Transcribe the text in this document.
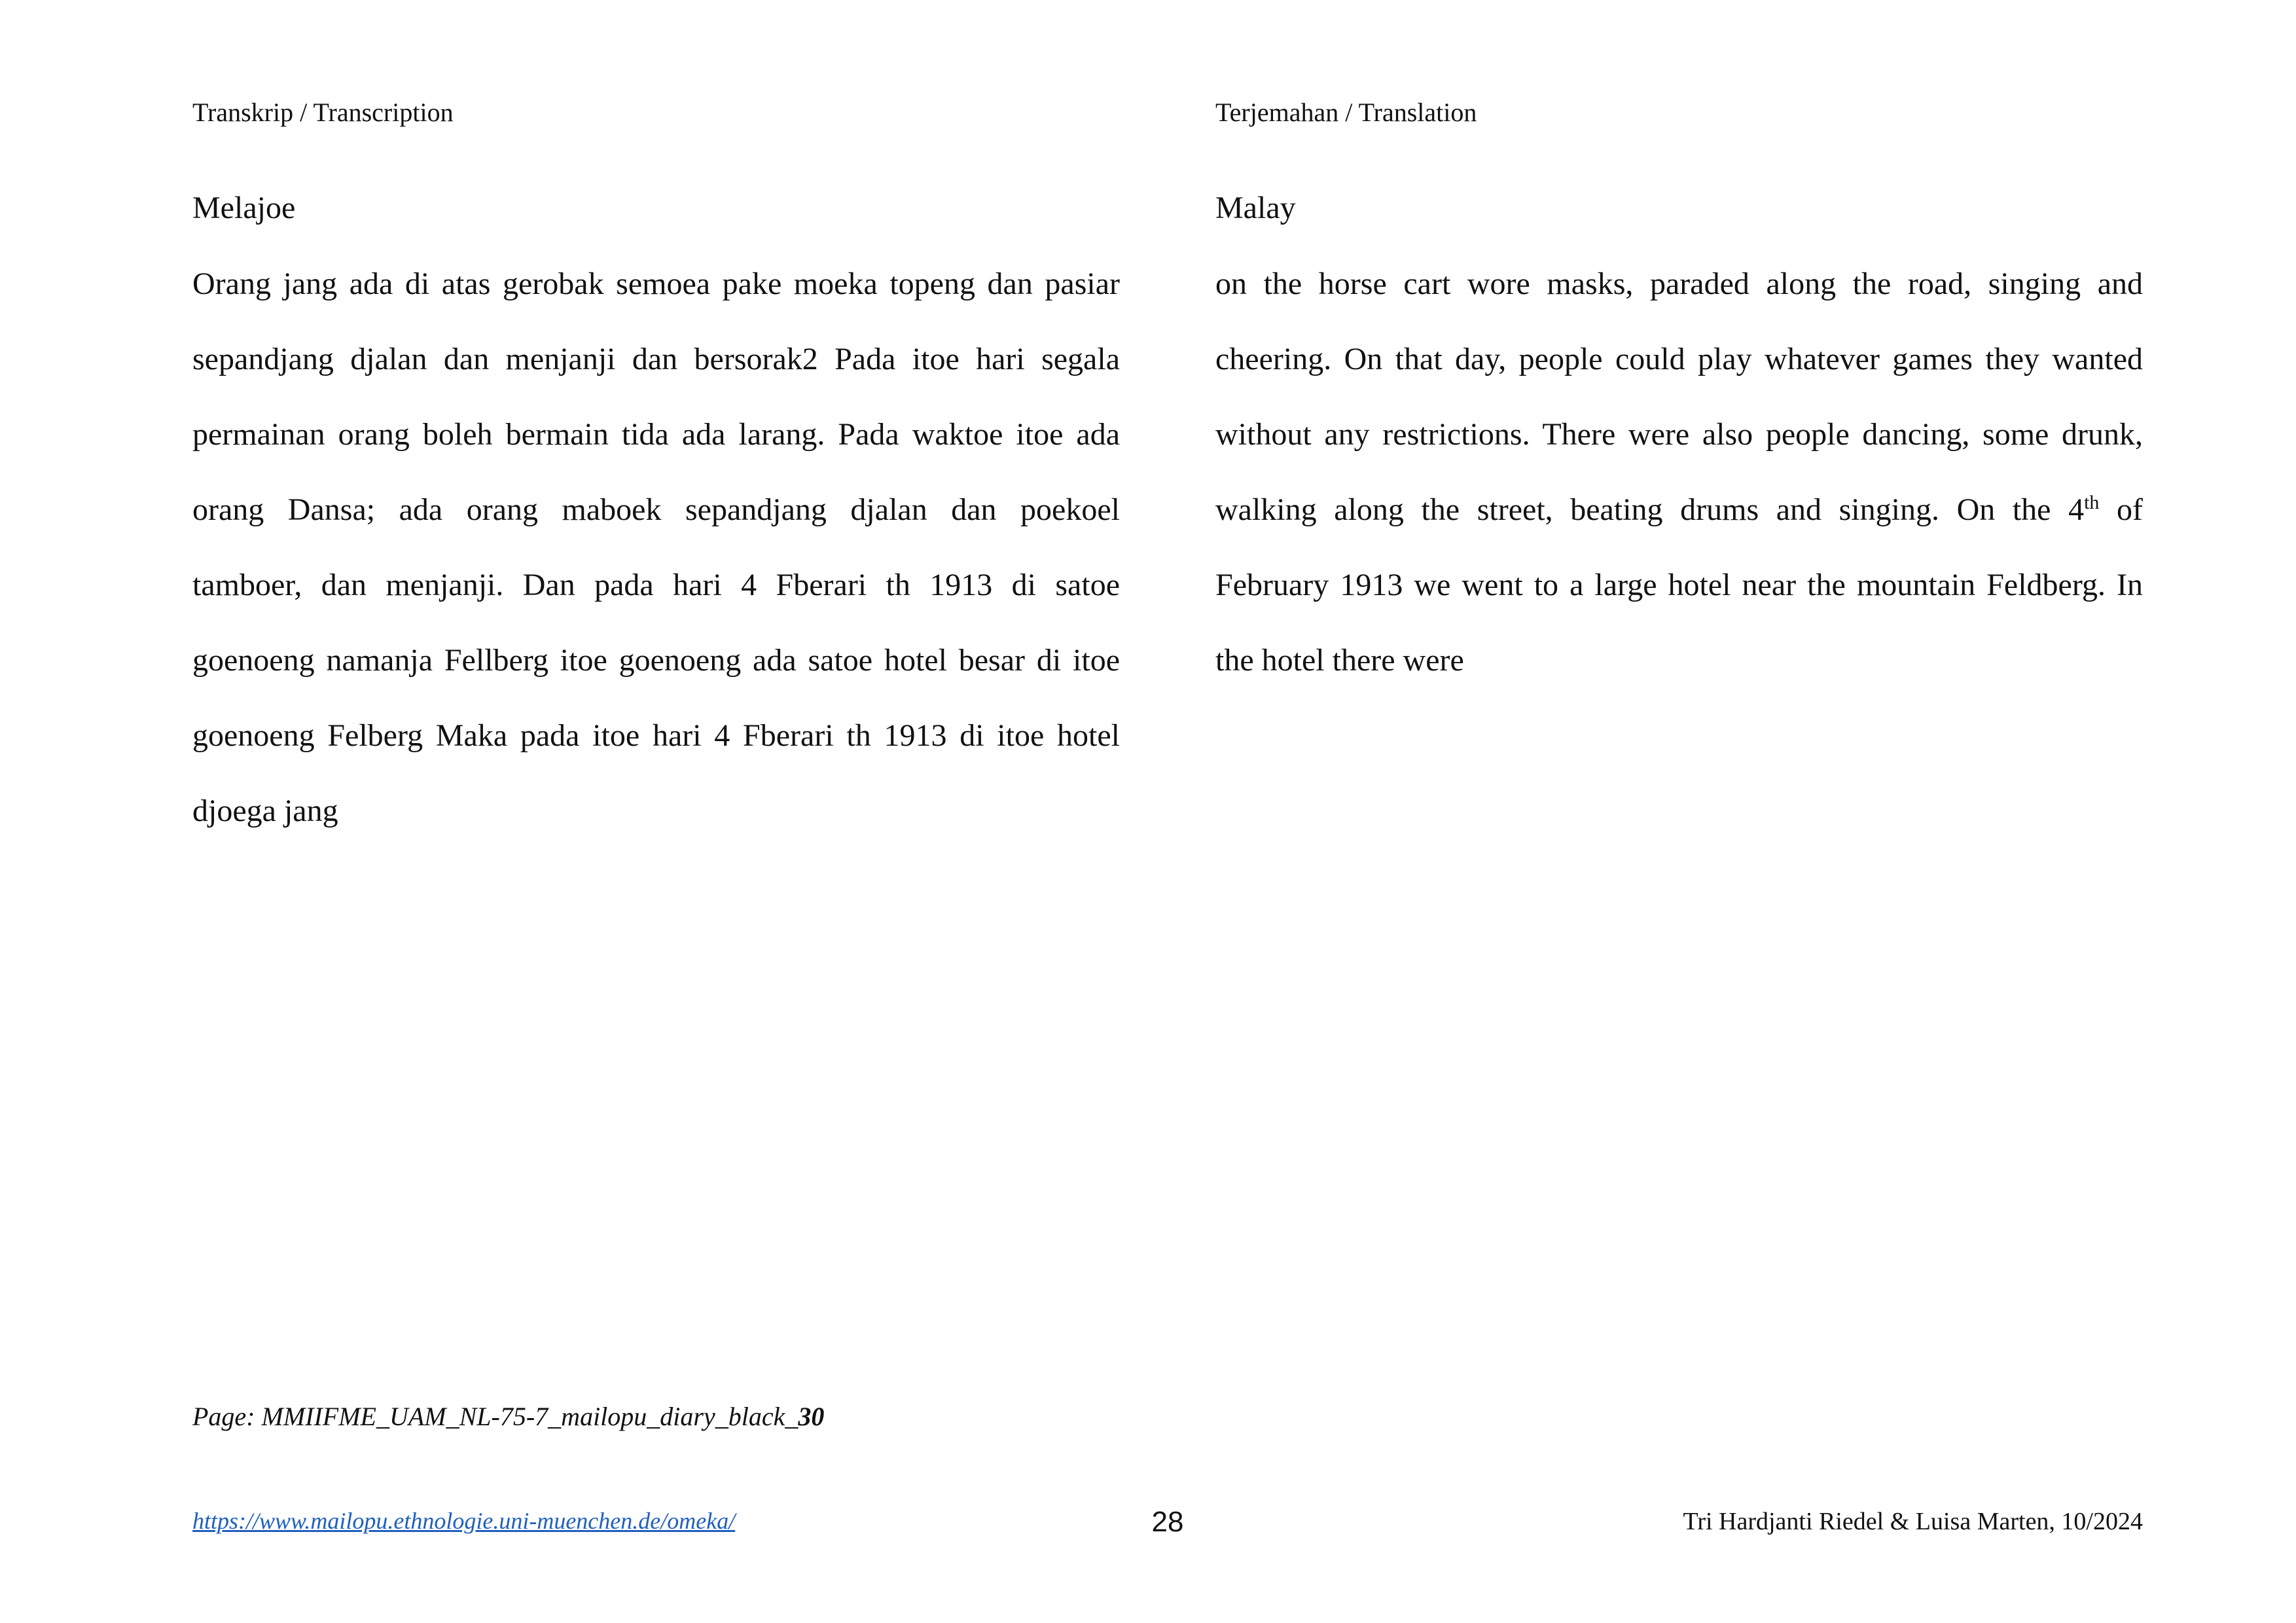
Transkrip / Transcription	Terjemahan / Translation
Melajoe
Orang jang ada di atas gerobak semoea pake moeka topeng dan pasiar
sepandjang djalan dan menjanji dan bersorak2 Pada itoe hari segala
permainan orang boleh bermain tida ada larang. Pada waktoe itoe ada
orang Dansa; ada orang maboek sepandjang djalan dan poekoel
tamboer, dan menjanji. Dan pada hari 4 Fberari th 1913 di satoe
goenoeng namanja Fellberg itoe goenoeng ada satoe hotel besar di itoe
goenoeng Felberg Maka pada itoe hari 4 Fberari th 1913 di itoe hotel
djoega jang
Malay
on the horse cart wore masks, paraded along the road, singing and
cheering. On that day, people could play whatever games they wanted
without any restrictions. There were also people dancing, some drunk,
walking along the street, beating drums and singing. On the 4th of
February 1913 we went to a large hotel near the mountain Feldberg. In
the hotel there were
Page: MMIIFME_UAM_NL-75-7_mailopu_diary_black_30
https://www.mailopu.ethnologie.uni-muenchen.de/omeka/	28	Tri Hardjanti Riedel & Luisa Marten, 10/2024
